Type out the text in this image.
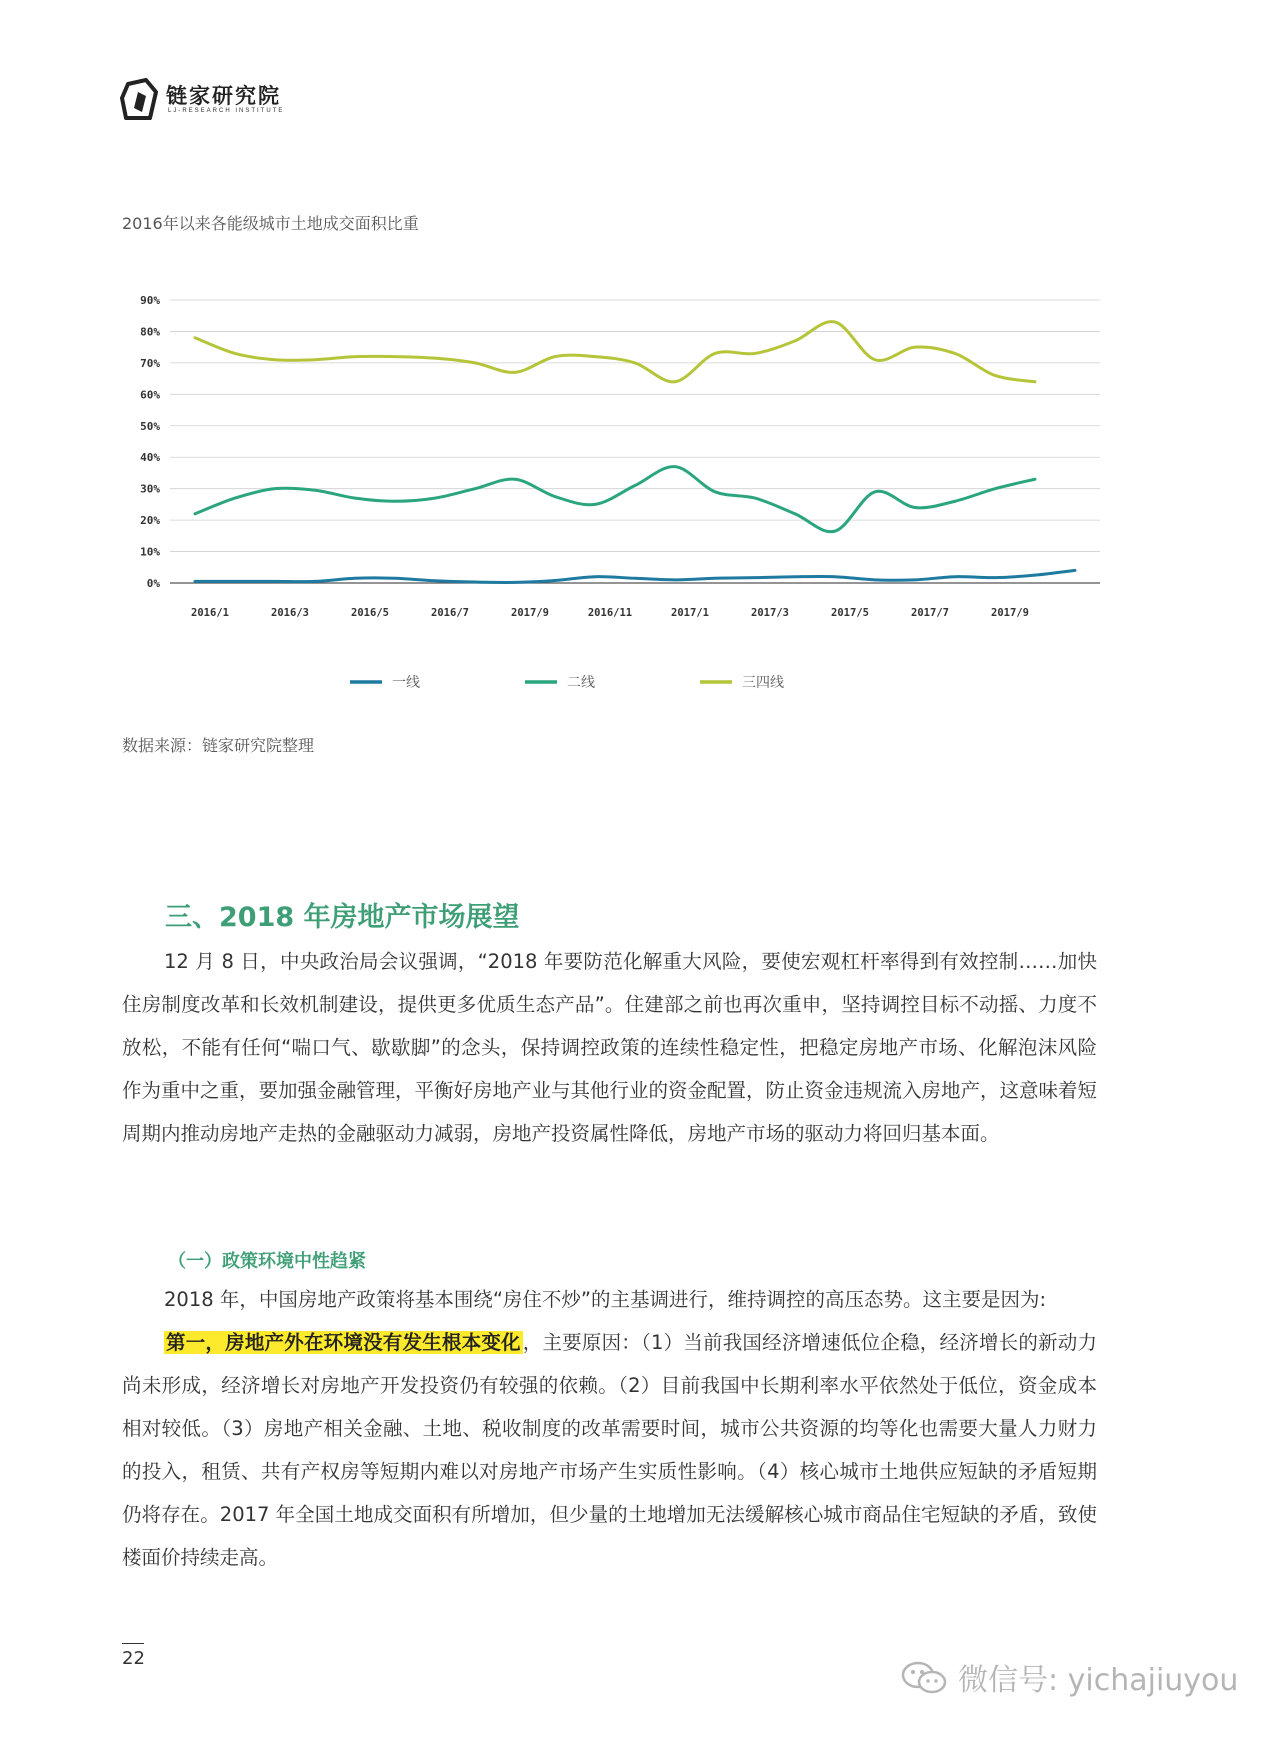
链家研究院
LJ-RESEARCH INSTITUTE
2016年以来各能级城市土地成交面积比重
0%
10%
20%
30%
40%
50%
60%
70%
80%
90%
2016/1	2016/3	2016/5	2016/7	2017/9	2016/11	2017/1	2017/3	2017/5	2017/7	2017/9
一线	二线	三四线
数据来源：链家研究院整理
三、2018 年房地产市场展望

12 月 8 日，中央政治局会议强调，“2018 年要防范化解重大风险，要使宏观杠杆率得到有效控制……加快住房制度改革和长效机制建设，提供更多优质生态产品”。住建部之前也再次重申，坚持调控目标不动摇、力度不放松，不能有任何“喘口气、歇歇脚”的念头，保持调控政策的连续性稳定性，把稳定房地产市场、化解泡沫风险作为重中之重，要加强金融管理，平衡好房地产业与其他行业的资金配置，防止资金违规流入房地产，这意味着短周期内推动房地产走热的金融驱动力减弱，房地产投资属性降低，房地产市场的驱动力将回归基本面。

（一）政策环境中性趋紧

2018 年，中国房地产政策将基本围绕“房住不炒”的主基调进行，维持调控的高压态势。这主要是因为:

第一，房地产外在环境没有发生根本变化 ，主要原因：（1）当前我国经济增速低位企稳，经济增长的新动力尚未形成，经济增长对房地产开发投资仍有较强的依赖。（2）目前我国中长期利率水平依然处于低位，资金成本相对较低。（3）房地产相关金融、土地、税收制度的改革需要时间，城市公共资源的均等化也需要大量人力财力的投入，租赁、共有产权房等短期内难以对房地产市场产生实质性影响。（4）核心城市土地供应短缺的矛盾短期仍将存在。2017 年全国土地成交面积有所增加，但少量的土地增加无法缓解核心城市商品住宅短缺的矛盾，致使楼面价持续走高。

22
微信号: yichajiuyou
